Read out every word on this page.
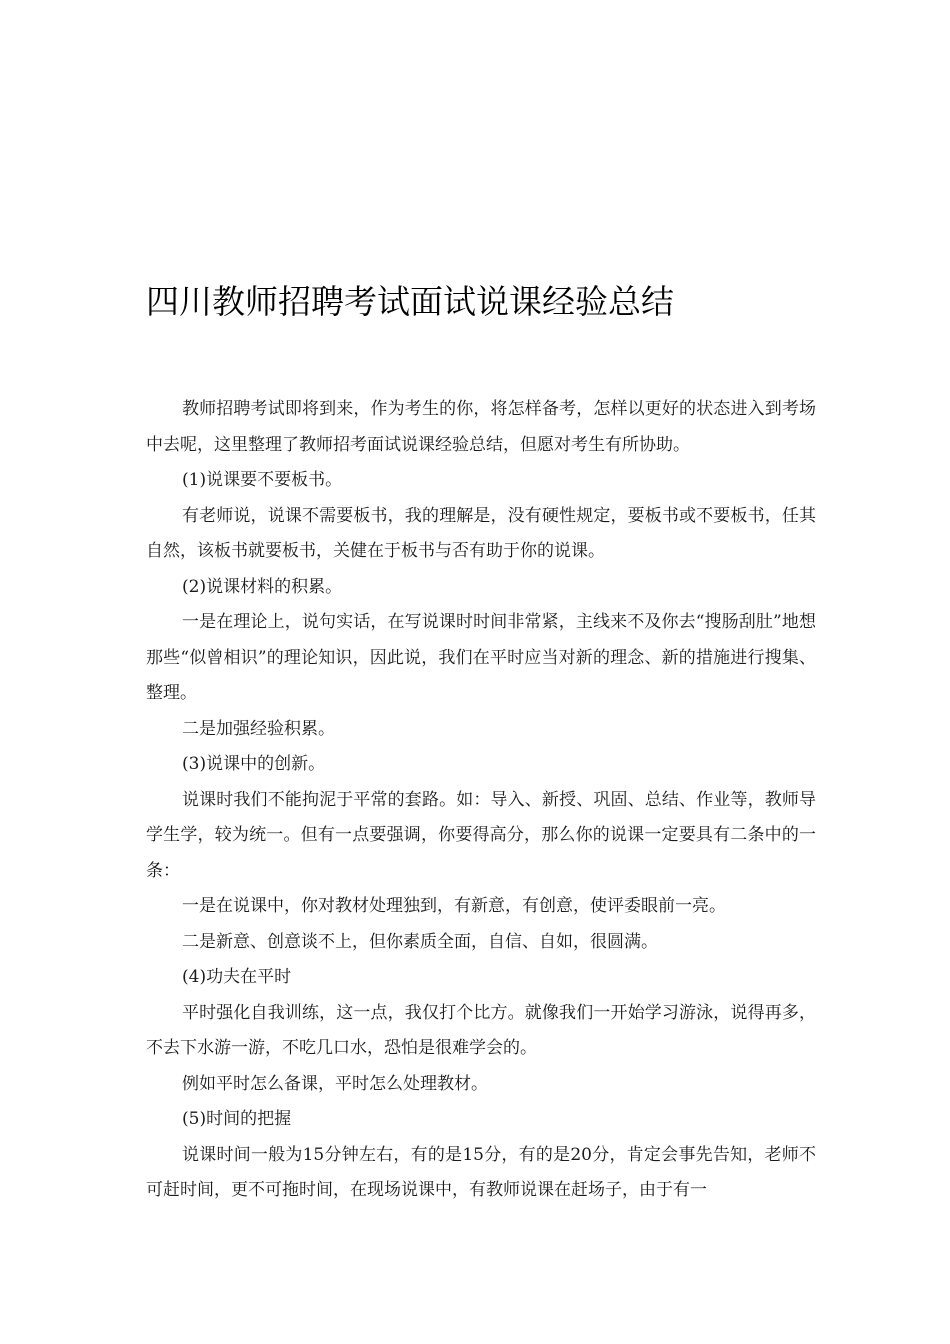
四川教师招聘考试面试说课经验总结

教师招聘考试即将到来，作为考生的你，将怎样备考，怎样以更好的状态进入到考场中去呢，这里整理了教师招考面试说课经验总结，但愿对考生有所协助。

(1)说课要不要板书。

有老师说，说课不需要板书，我的理解是，没有硬性规定，要板书或不要板书，任其自然，该板书就要板书，关健在于板书与否有助于你的说课。

(2)说课材料的积累。

一是在理论上，说句实话，在写说课时时间非常紧，主线来不及你去“搜肠刮肚”地想那些“似曾相识”的理论知识，因此说，我们在平时应当对新的理念、新的措施进行搜集、整理。

二是加强经验积累。

(3)说课中的创新。

说课时我们不能拘泥于平常的套路。如：导入、新授、巩固、总结、作业等，教师导学生学，较为统一。但有一点要强调，你要得高分，那么你的说课一定要具有二条中的一条：

一是在说课中，你对教材处理独到，有新意，有创意，使评委眼前一亮。

二是新意、创意谈不上，但你素质全面，自信、自如，很圆满。

(4)功夫在平时

平时强化自我训练，这一点，我仅打个比方。就像我们一开始学习游泳，说得再多，不去下水游一游，不吃几口水，恐怕是很难学会的。

例如平时怎么备课，平时怎么处理教材。

(5)时间的把握

说课时间一般为15分钟左右，有的是15分，有的是20分，肯定会事先告知，老师不可赶时间，更不可拖时间，在现场说课中，有教师说课在赶场子，由于有一
